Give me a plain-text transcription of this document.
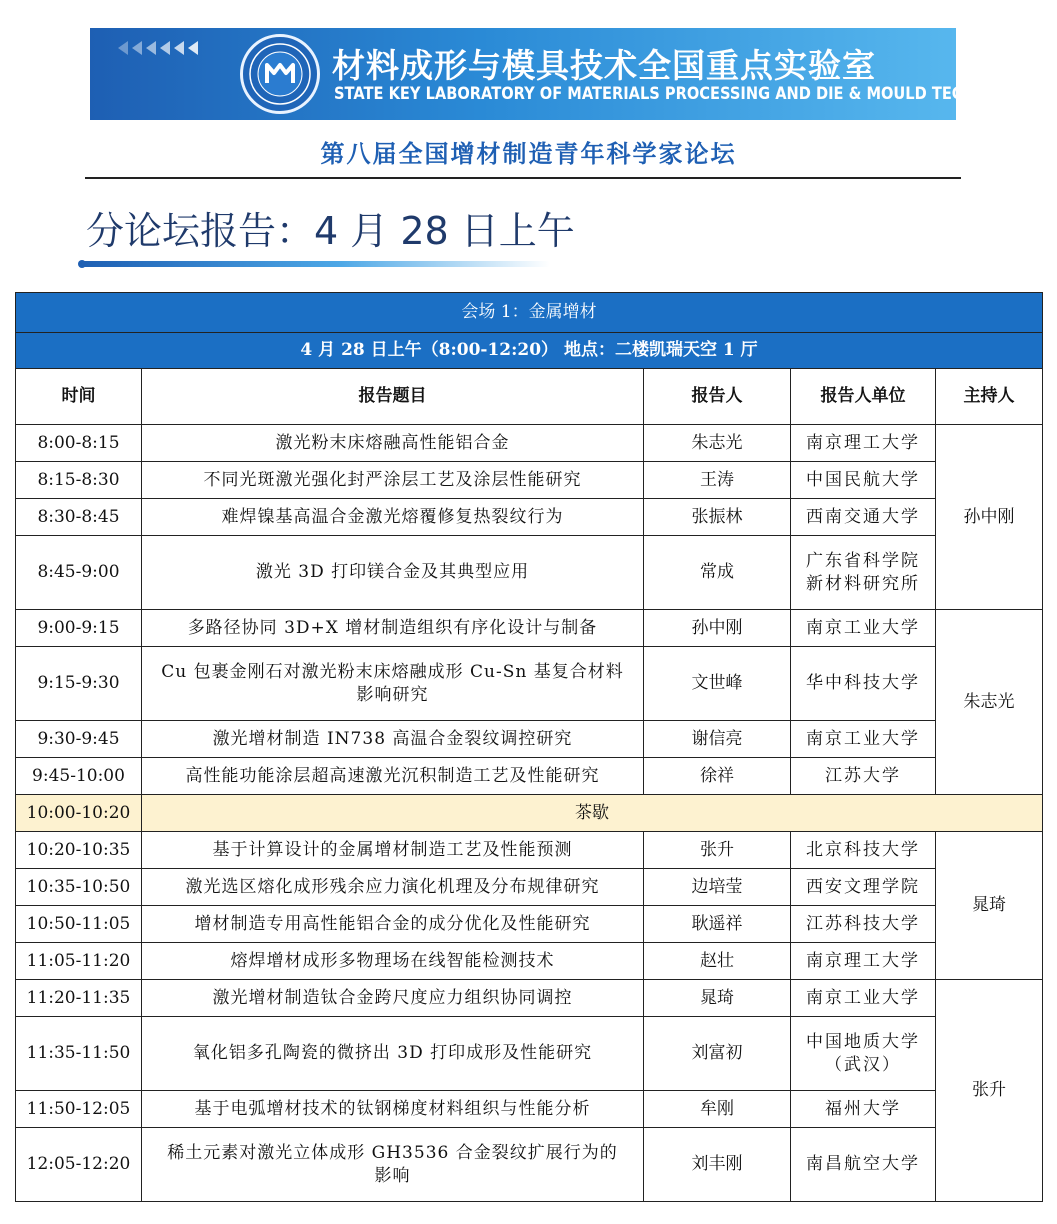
材料成形与模具技术全国重点实验室
STATE KEY LABORATORY OF MATERIALS PROCESSING AND DIE & MOULD TECHNOLOGY
第八届全国增材制造青年科学家论坛
分论坛报告：4 月 28 日上午
会场 1：金属增材				
4 月 28 日上午（8:00-12:20） 地点：二楼凯瑞天空 1 厅				
时间	报告题目	报告人	报告人单位	主持人
8:00-8:15	激光粉末床熔融高性能铝合金	朱志光	南京理工大学	孙中刚
8:15-8:30	不同光斑激光强化封严涂层工艺及涂层性能研究	王涛	中国民航大学	
8:30-8:45	难焊镍基高温合金激光熔覆修复热裂纹行为	张振林	西南交通大学	
8:45-9:00	激光 3D 打印镁合金及其典型应用	常成	广东省科学院
新材料研究所	

9:00-9:15	多路径协同 3D+X 增材制造组织有序化设计与制备	孙中刚	南京工业大学	朱志光
9:15-9:30	Cu 包裹金刚石对激光粉末床熔融成形 Cu-Sn 基复合材料
影响研究	文世峰	华中科技大学	
9:30-9:45	激光增材制造 IN738 高温合金裂纹调控研究	谢信亮	南京工业大学	
9:45-10:00	高性能功能涂层超高速激光沉积制造工艺及性能研究	徐祥	江苏大学	
10:00-10:20	茶歇			
10:20-10:35	基于计算设计的金属增材制造工艺及性能预测	张升	北京科技大学	晁琦
10:35-10:50	激光选区熔化成形残余应力演化机理及分布规律研究	边培莹	西安文理学院	
10:50-11:05	增材制造专用高性能铝合金的成分优化及性能研究	耿遥祥	江苏科技大学	
11:05-11:20	熔焊增材成形多物理场在线智能检测技术	赵壮	南京理工大学	
11:20-11:35	激光增材制造钛合金跨尺度应力组织协同调控	晁琦	南京工业大学	张升
11:35-11:50	氧化铝多孔陶瓷的微挤出 3D 打印成形及性能研究	刘富初	中国地质大学
（武汉）	

11:50-12:05	基于电弧增材技术的钛钢梯度材料组织与性能分析	牟刚	福州大学	
12:05-12:20	稀土元素对激光立体成形 GH3536 合金裂纹扩展行为的
影响	刘丰刚	南昌航空大学	
